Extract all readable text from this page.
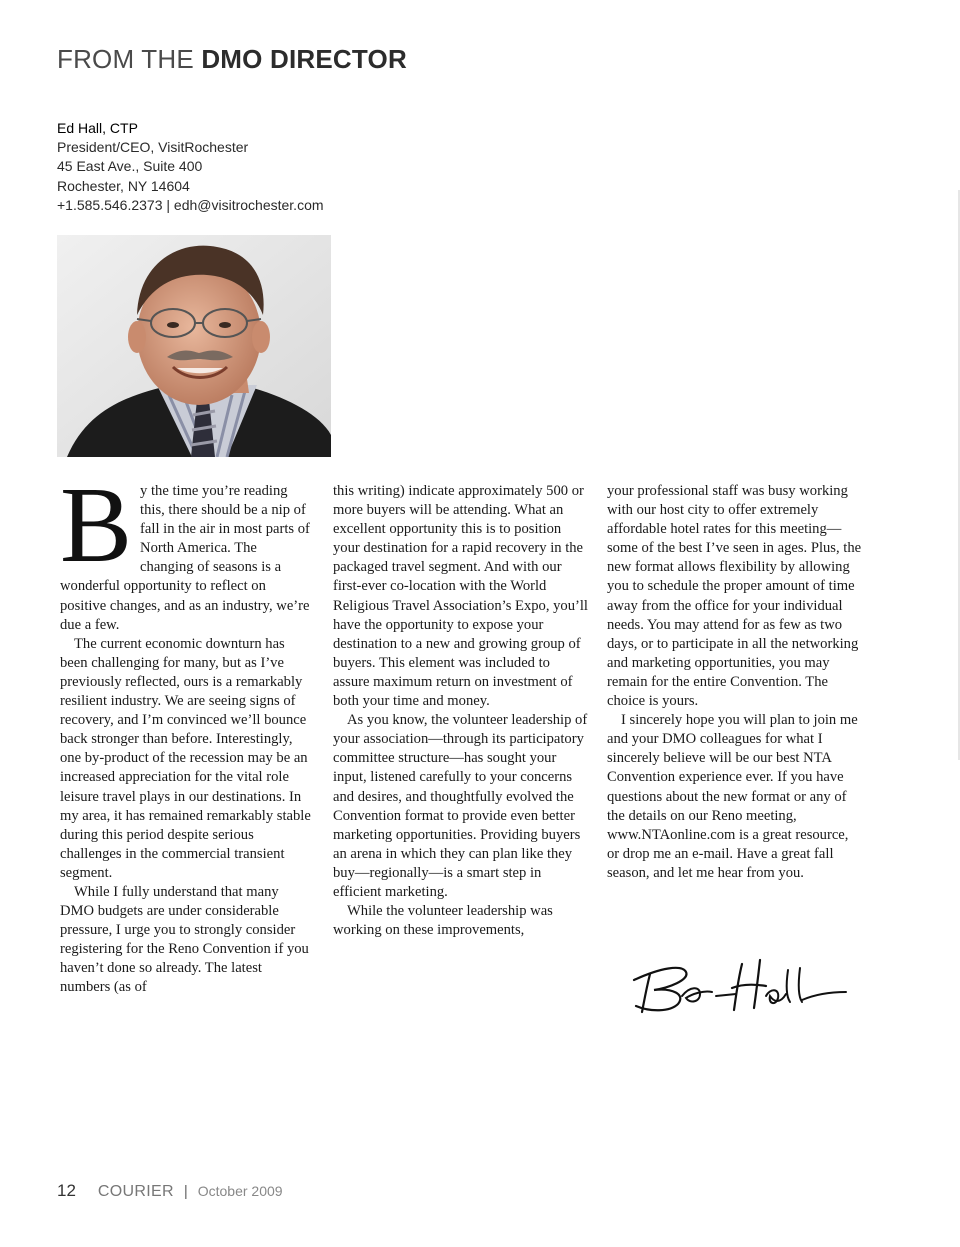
FROM THE DMO DIRECTOR
Ed Hall, CTP
President/CEO, VisitRochester
45 East Ave., Suite 400
Rochester, NY 14604
+1.585.546.2373 | edh@visitrochester.com
B y the time you’re reading this, there should be a nip of fall in the air in most parts of North America. The changing of seasons is a wonderful opportunity to reflect on positive changes, and as an industry, we’re due a few.

The current economic downturn has been challenging for many, but as I’ve previously reflected, ours is a remarkably resilient industry. We are seeing signs of recovery, and I’m convinced we’ll bounce back stronger than before. Interestingly, one by-product of the recession may be an increased appreciation for the vital role leisure travel plays in our destinations. In my area, it has remained remarkably stable during this period despite serious challenges in the commercial transient segment.

While I fully understand that many DMO budgets are under considerable pressure, I urge you to strongly consider registering for the Reno Convention if you haven’t done so already. The latest numbers (as of

this writing) indicate approximately 500 or more buyers will be attending. What an excellent opportunity this is to position your destination for a rapid recovery in the packaged travel segment. And with our first-ever co-location with the World Religious Travel Association’s Expo, you’ll have the opportunity to expose your destination to a new and growing group of buyers. This element was included to assure maximum return on investment of both your time and money.

As you know, the volunteer leadership of your association—through its participatory committee structure—has sought your input, listened carefully to your concerns and desires, and thoughtfully evolved the Convention format to provide even better marketing opportunities. Providing buyers an arena in which they can plan like they buy—regionally—is a smart step in efficient marketing.

While the volunteer leadership was working on these improvements,

your professional staff was busy working with our host city to offer extremely affordable hotel rates for this meeting—some of the best I’ve seen in ages. Plus, the new format allows flexibility by allowing you to schedule the proper amount of time away from the office for your individual needs. You may attend for as few as two days, or to participate in all the networking and marketing opportunities, you may remain for the entire Convention. The choice is yours.

I sincerely hope you will plan to join me and your DMO colleagues for what I sincerely believe will be our best NTA Convention experience ever. If you have questions about the new format or any of the details on our Reno meeting, www.NTAonline.com is a great resource, or drop me an e-mail. Have a great fall season, and let me hear from you.

12 COURIER | October 2009
